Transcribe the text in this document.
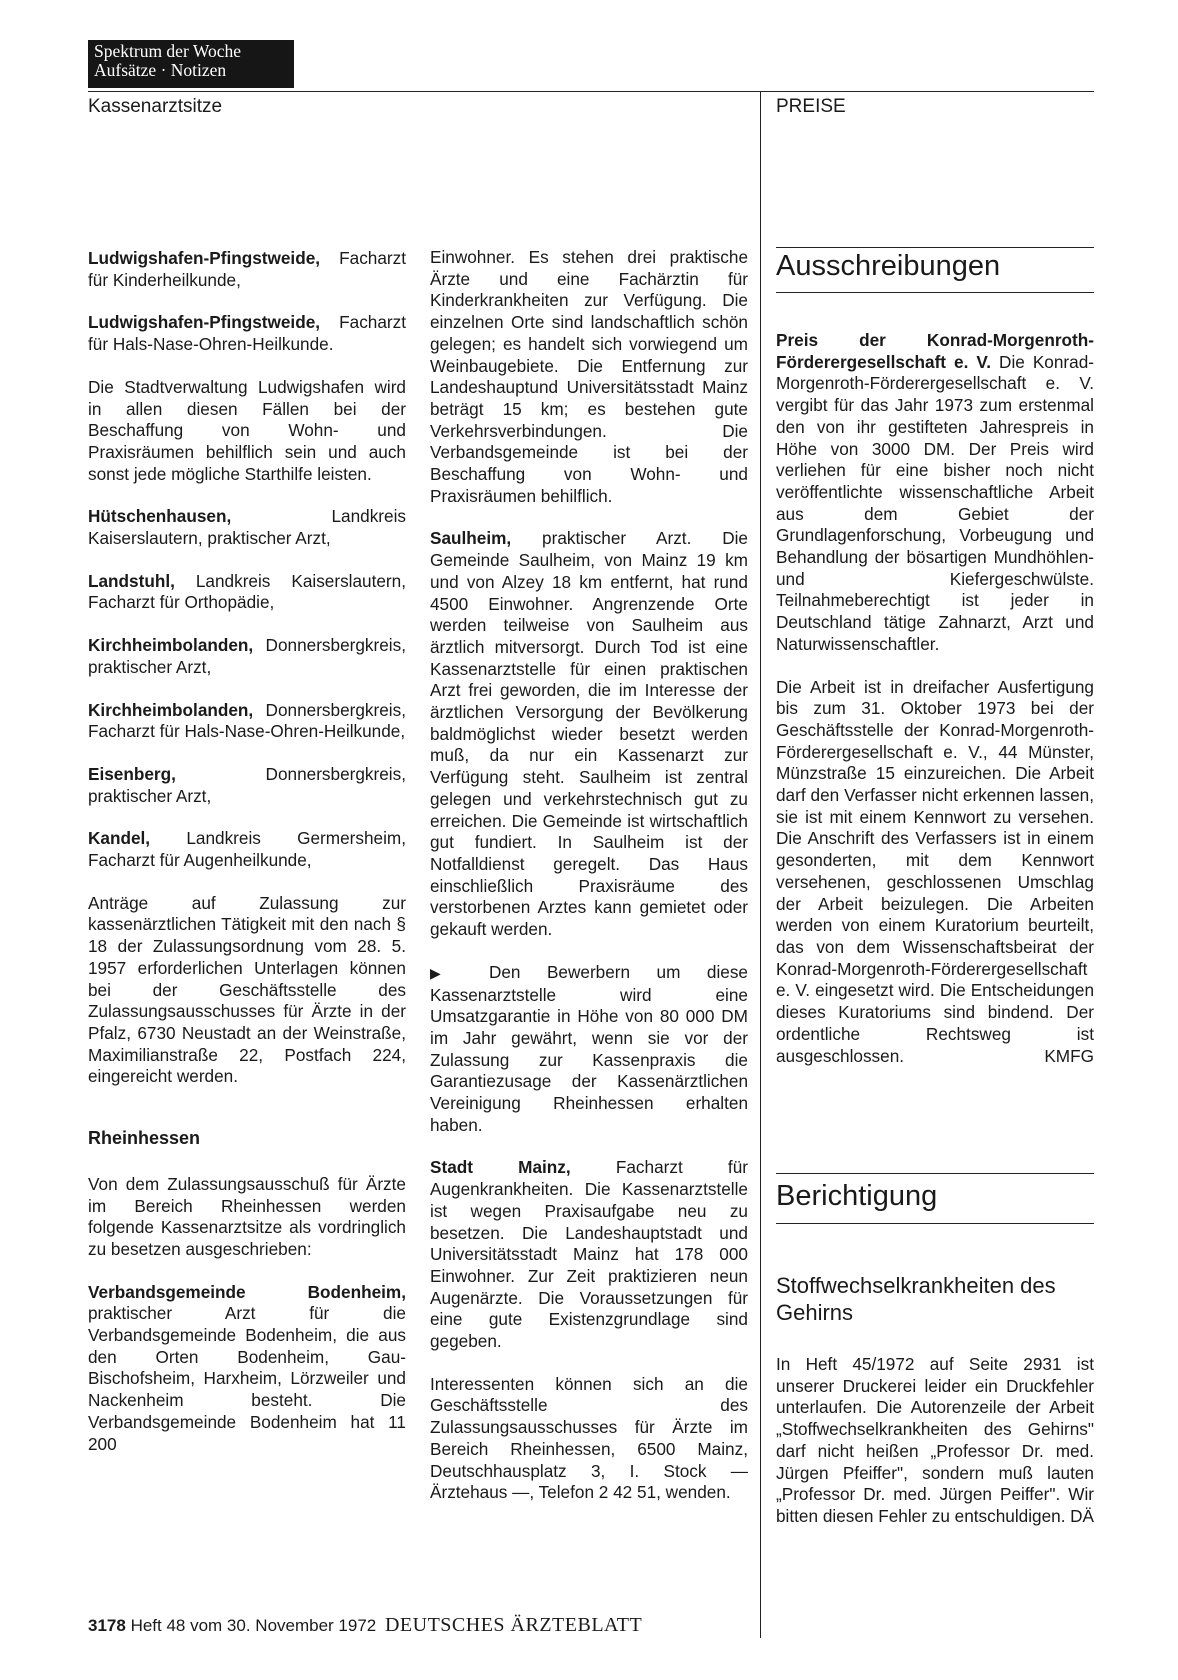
Spektrum der Woche
Aufsätze · Notizen
Kassenarztsitze	PREISE

Ludwigshafen-Pfingstweide, Facharzt für Kinderheilkunde,

Ludwigshafen-Pfingstweide, Facharzt für Hals-Nase-Ohren-Heilkunde.

Die Stadtverwaltung Ludwigshafen wird in allen diesen Fällen bei der Beschaffung von Wohn- und Praxisräumen behilflich sein und auch sonst jede mögliche Starthilfe leisten.

Hütschenhausen, Landkreis Kaiserslautern, praktischer Arzt,

Landstuhl, Landkreis Kaiserslautern, Facharzt für Orthopädie,

Kirchheimbolanden, Donnersbergkreis, praktischer Arzt,

Kirchheimbolanden, Donnersbergkreis, Facharzt für Hals-Nase-Ohren-Heilkunde,

Eisenberg, Donnersbergkreis, praktischer Arzt,

Kandel, Landkreis Germersheim, Facharzt für Augenheilkunde,

Anträge auf Zulassung zur kassenärztlichen Tätigkeit mit den nach § 18 der Zulassungsordnung vom 28. 5. 1957 erforderlichen Unterlagen können bei der Geschäftsstelle des Zulassungsausschusses für Ärzte in der Pfalz, 6730 Neustadt an der Weinstraße, Maximilianstraße 22, Postfach 224, eingereicht werden.

Rheinhessen

Von dem Zulassungsausschuß für Ärzte im Bereich Rheinhessen werden folgende Kassenarztsitze als vordringlich zu besetzen ausgeschrieben:

Verbandsgemeinde Bodenheim, praktischer Arzt für die Verbandsgemeinde Bodenheim, die aus den Orten Bodenheim, Gau-Bischofsheim, Harxheim, Lörzweiler und Nackenheim besteht. Die Verbandsgemeinde Bodenheim hat 11 200

Einwohner. Es stehen drei praktische Ärzte und eine Fachärztin für Kinderkrankheiten zur Verfügung. Die einzelnen Orte sind landschaftlich schön gelegen; es handelt sich vorwiegend um Weinbaugebiete. Die Entfernung zur Landeshauptund Universitätsstadt Mainz beträgt 15 km; es bestehen gute Verkehrsverbindungen. Die Verbandsgemeinde ist bei der Beschaffung von Wohn- und Praxisräumen behilflich.

Saulheim, praktischer Arzt. Die Gemeinde Saulheim, von Mainz 19 km und von Alzey 18 km entfernt, hat rund 4500 Einwohner. Angrenzende Orte werden teilweise von Saulheim aus ärztlich mitversorgt. Durch Tod ist eine Kassenarztstelle für einen praktischen Arzt frei geworden, die im Interesse der ärztlichen Versorgung der Bevölkerung baldmöglichst wieder besetzt werden muß, da nur ein Kassenarzt zur Verfügung steht. Saulheim ist zentral gelegen und verkehrstechnisch gut zu erreichen. Die Gemeinde ist wirtschaftlich gut fundiert. In Saulheim ist der Notfalldienst geregelt. Das Haus einschließlich Praxisräume des verstorbenen Arztes kann gemietet oder gekauft werden.

▶ Den Bewerbern um diese Kassenarztstelle wird eine Umsatzgarantie in Höhe von 80 000 DM im Jahr gewährt, wenn sie vor der Zulassung zur Kassenpraxis die Garantiezusage der Kassenärztlichen Vereinigung Rheinhessen erhalten haben.

Stadt Mainz, Facharzt für Augenkrankheiten. Die Kassenarztstelle ist wegen Praxisaufgabe neu zu besetzen. Die Landeshauptstadt und Universitätsstadt Mainz hat 178 000 Einwohner. Zur Zeit praktizieren neun Augenärzte. Die Voraussetzungen für eine gute Existenzgrundlage sind gegeben.

Interessenten können sich an die Geschäftsstelle des Zulassungsausschusses für Ärzte im Bereich Rheinhessen, 6500 Mainz, Deutschhausplatz 3, I. Stock — Ärztehaus —, Telefon 2 42 51, wenden.

Ausschreibungen

Preis der Konrad-Morgenroth-Förderergesellschaft e. V. Die Konrad-Morgenroth-Förderergesellschaft e. V. vergibt für das Jahr 1973 zum erstenmal den von ihr gestifteten Jahrespreis in Höhe von 3000 DM. Der Preis wird verliehen für eine bisher noch nicht veröffentlichte wissenschaftliche Arbeit aus dem Gebiet der Grundlagenforschung, Vorbeugung und Behandlung der bösartigen Mundhöhlen- und Kiefergeschwülste. Teilnahmeberechtigt ist jeder in Deutschland tätige Zahnarzt, Arzt und Naturwissenschaftler.

Die Arbeit ist in dreifacher Ausfertigung bis zum 31. Oktober 1973 bei der Geschäftsstelle der Konrad-Morgenroth-Förderergesellschaft e. V., 44 Münster, Münzstraße 15 einzureichen. Die Arbeit darf den Verfasser nicht erkennen lassen, sie ist mit einem Kennwort zu versehen. Die Anschrift des Verfassers ist in einem gesonderten, mit dem Kennwort versehenen, geschlossenen Umschlag der Arbeit beizulegen. Die Arbeiten werden von einem Kuratorium beurteilt, das von dem Wissenschaftsbeirat der Konrad-Morgenroth-Förderergesellschaft e. V. eingesetzt wird. Die Entscheidungen dieses Kuratoriums sind bindend. Der ordentliche Rechtsweg ist ausgeschlossen.	KMFG

Berichtigung
Stoffwechselkrankheiten des Gehirns

In Heft 45/1972 auf Seite 2931 ist unserer Druckerei leider ein Druckfehler unterlaufen. Die Autorenzeile der Arbeit „Stoffwechselkrankheiten des Gehirns" darf nicht heißen „Professor Dr. med. Jürgen Pfeiffer", sondern muß lauten „Professor Dr. med. Jürgen Peiffer". Wir bitten diesen Fehler zu entschuldigen. DÄ

3178 Heft 48 vom 30. November 1972 DEUTSCHES ÄRZTEBLATT
